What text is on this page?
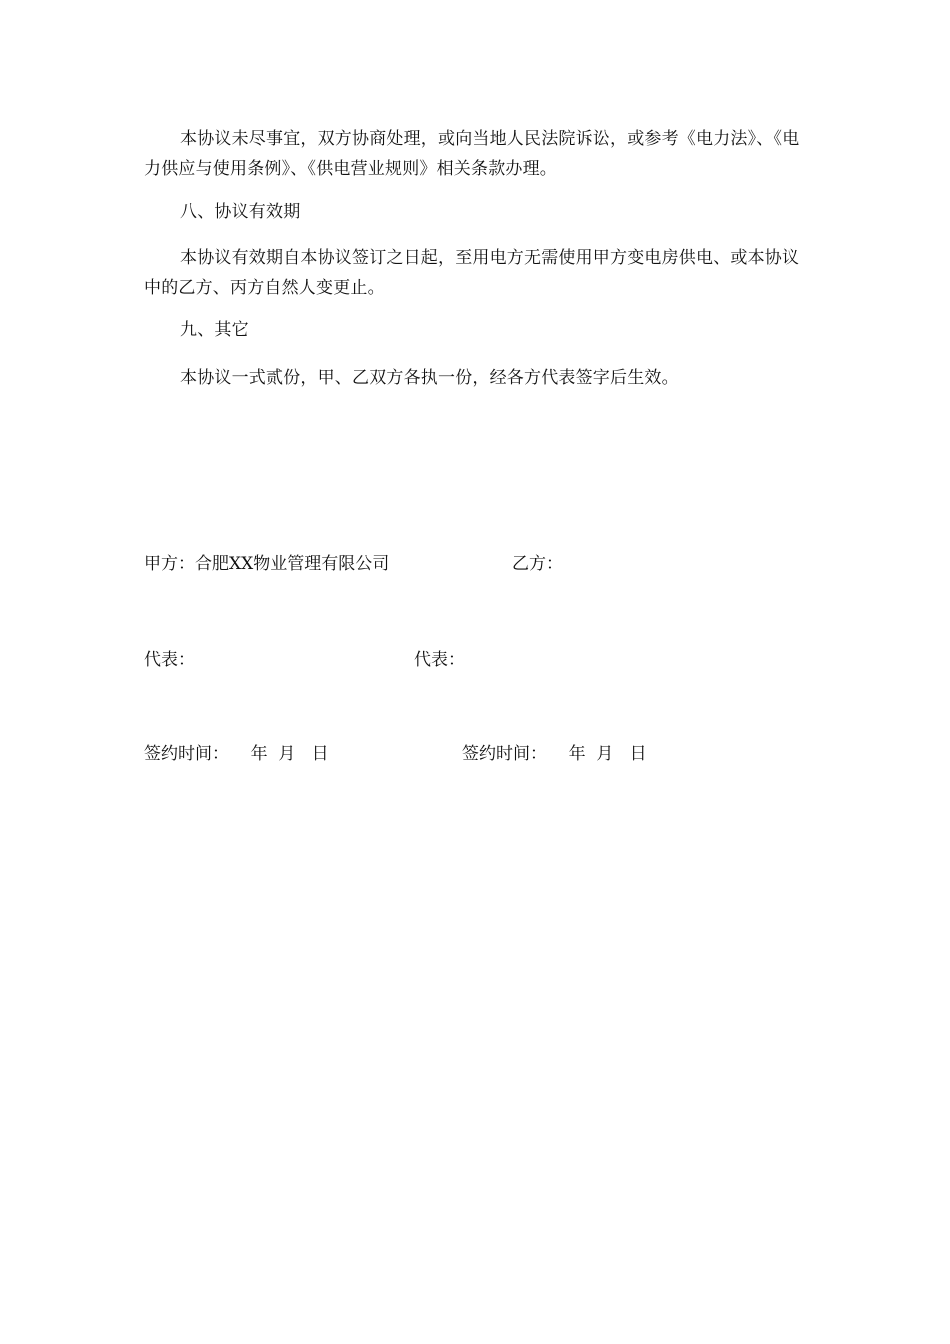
本协议未尽事宜，双方协商处理，或向当地人民法院诉讼，或参考《电力法》、《电力供应与使用条例》、《供电营业规则》相关条款办理。

八、协议有效期

本协议有效期自本协议签订之日起，至用电方无需使用甲方变电房供电、或本协议中的乙方、丙方自然人变更止。

九、其它

本协议一式贰份，甲、乙双方各执一份，经各方代表签字后生效。

甲方：合肥XX物业管理有限公司	乙方：
代表：	代表：
签约时间：    年  月   日	签约时间：    年  月   日
